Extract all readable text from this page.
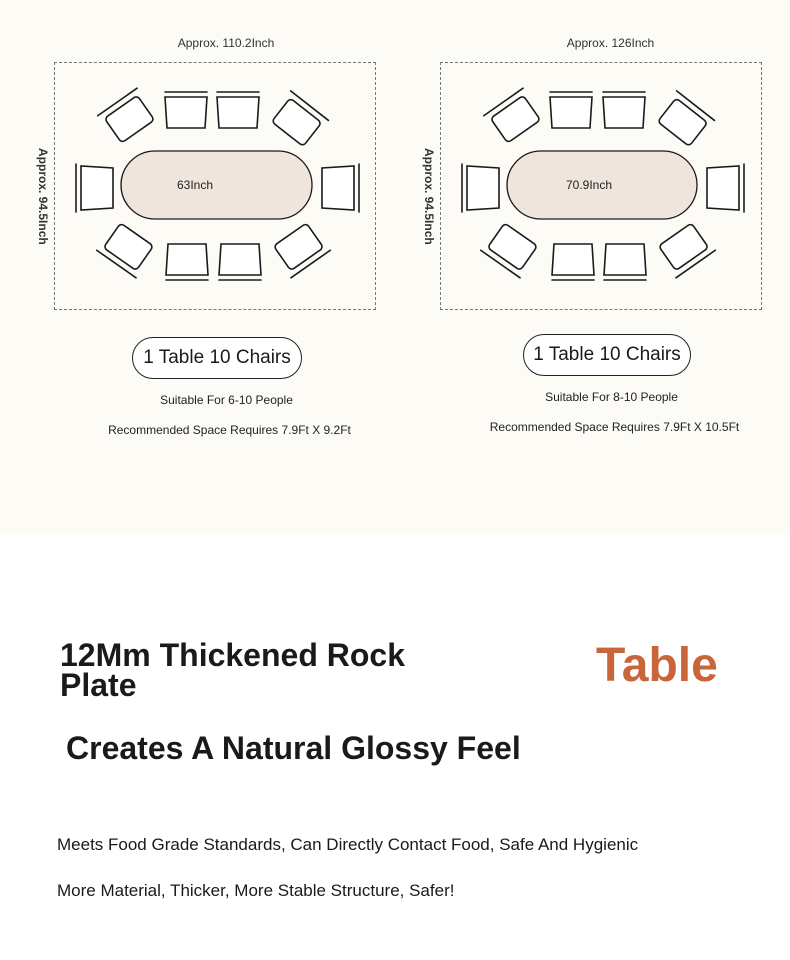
Approx. 110.2Inch
Approx. 94.5Inch	63Inch
1 Table 10 Chairs
Suitable For 6-10 People
Recommended Space Requires 7.9Ft X 9.2Ft
Approx. 126Inch
Approx. 94.5Inch	70.9Inch
1 Table 10 Chairs
Suitable For 8-10 People
Recommended Space Requires 7.9Ft X 10.5Ft
12Mm Thickened Rock Plate	Table
Creates A Natural Glossy Feel
Meets Food Grade Standards, Can Directly Contact Food, Safe And Hygienic
More Material, Thicker, More Stable Structure, Safer!
